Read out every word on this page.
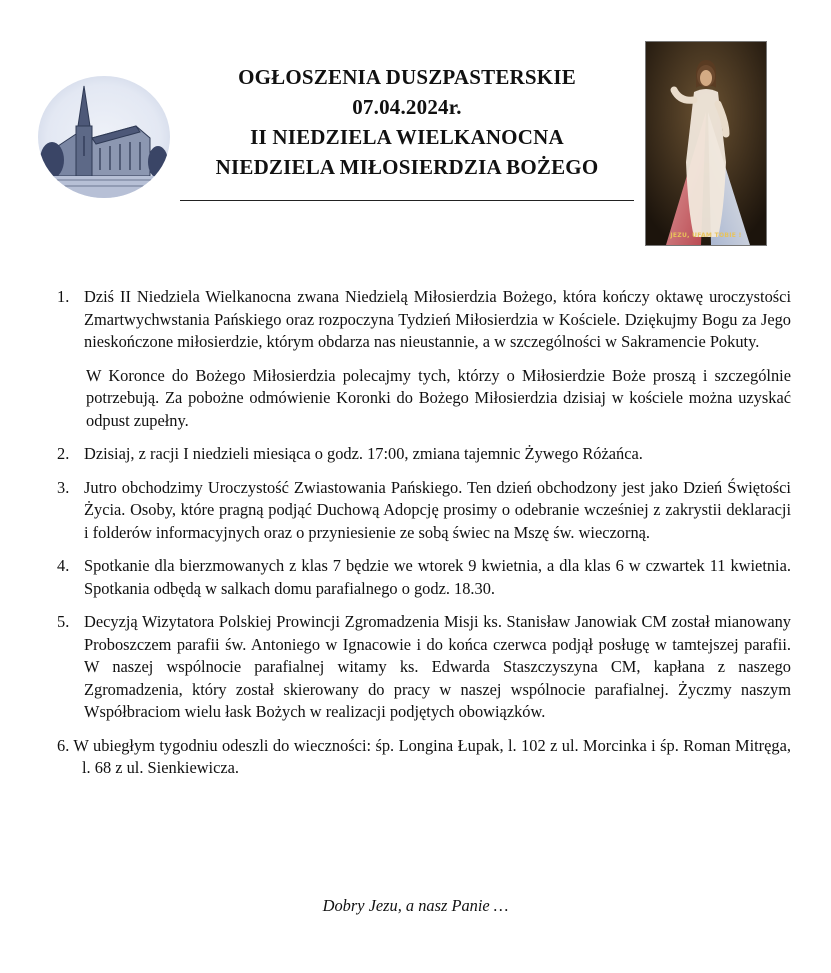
OGŁOSZENIA DUSZPASTERSKIE
07.04.2024r.
II NIEDZIELA WIELKANOCNA
NIEDZIELA MIŁOSIERDZIA BOŻEGO
JEZU, UFAM TOBIE !
1. Dziś II Niedziela Wielkanocna zwana Niedzielą Miłosierdzia Bożego, która kończy oktawę uroczystości Zmartwychwstania Pańskiego oraz rozpoczyna Tydzień Miłosierdzia w Kościele. Dziękujmy Bogu za Jego nieskończone miłosierdzie, którym obdarza nas nieustannie, a w szczególności w Sakramencie Pokuty.
W Koronce do Bożego Miłosierdzia polecajmy tych, którzy o Miłosierdzie Boże proszą i szczególnie potrzebują. Za pobożne odmówienie Koronki do Bożego Miłosierdzia dzisiaj w kościele można uzyskać odpust zupełny.
2. Dzisiaj, z racji I niedzieli miesiąca o godz. 17:00, zmiana tajemnic Żywego Różańca.
3. Jutro obchodzimy Uroczystość Zwiastowania Pańskiego. Ten dzień obchodzony jest jako Dzień Świętości Życia. Osoby, które pragną podjąć Duchową Adopcję prosimy o odebranie wcześniej z zakrystii deklaracji i folderów informacyjnych oraz o przyniesienie ze sobą świec na Mszę św. wieczorną.
4. Spotkanie dla bierzmowanych z klas 7 będzie we wtorek 9 kwietnia, a dla klas 6 w czwartek 11 kwietnia. Spotkania odbędą w salkach domu parafialnego o godz. 18.30.
5. Decyzją Wizytatora Polskiej Prowincji Zgromadzenia Misji ks. Stanisław Janowiak CM został mianowany Proboszczem parafii św. Antoniego w Ignacowie i do końca czerwca podjął posługę w tamtejszej parafii. W naszej wspólnocie parafialnej witamy ks. Edwarda Staszczyszyna CM, kapłana z naszego Zgromadzenia, który został skierowany do pracy w naszej wspólnocie parafialnej. Życzmy naszym Współbraciom wielu łask Bożych w realizacji podjętych obowiązków.
6. W ubiegłym tygodniu odeszli do wieczności: śp. Longina Łupak, l. 102 z ul. Morcinka i śp. Roman Mitręga, l. 68 z ul. Sienkiewicza.
Dobry Jezu, a nasz Panie …
